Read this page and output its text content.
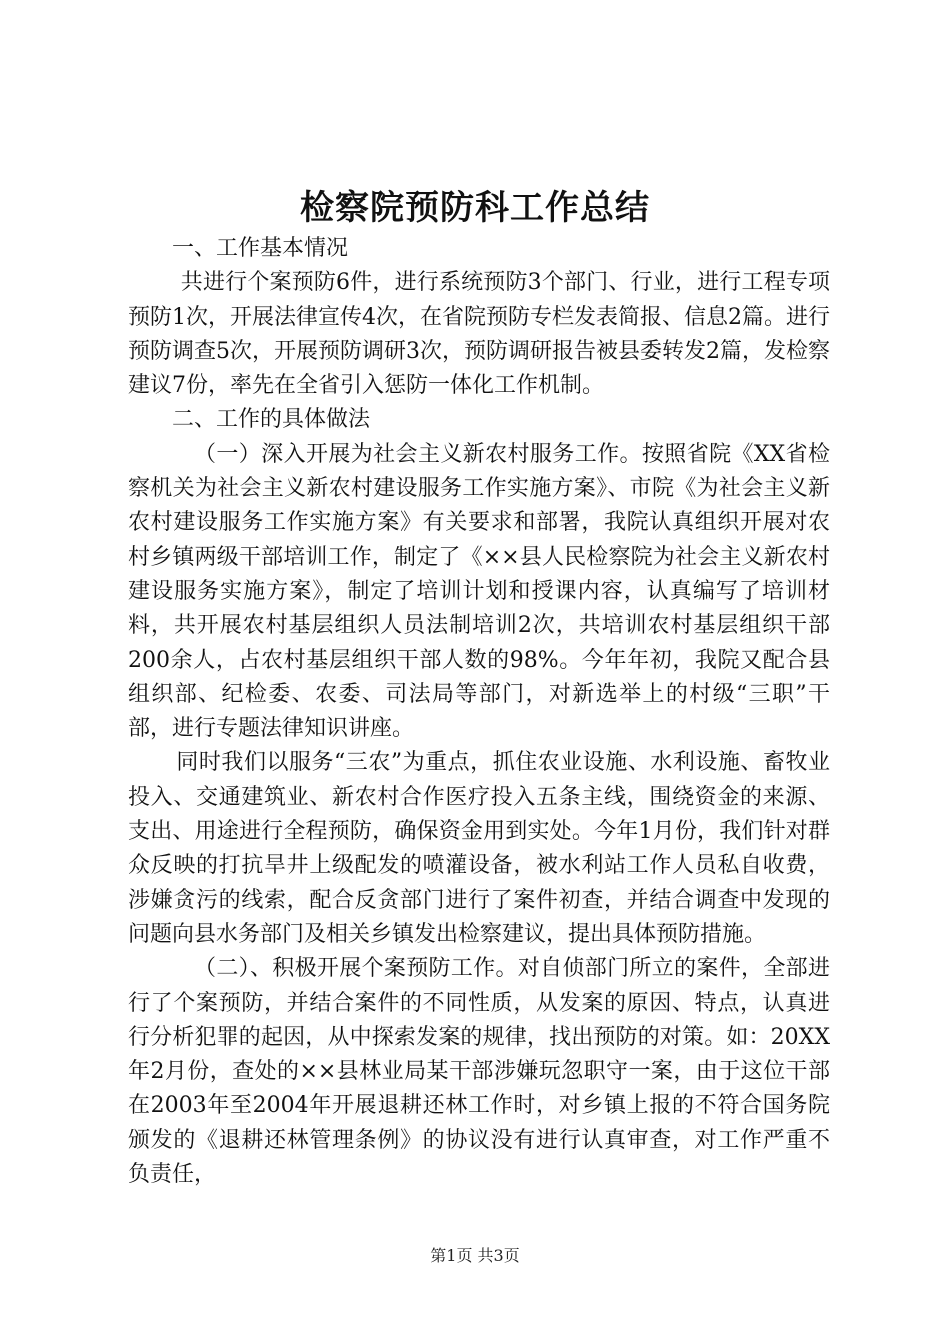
检察院预防科工作总结

一、工作基本情况

共进行个案预防6件，进行系统预防3个部门、行业，进行工程专项预防1次，开展法律宣传4次，在省院预防专栏发表简报、信息2篇。进行预防调查5次，开展预防调研3次，预防调研报告被县委转发2篇，发检察建议7份，率先在全省引入惩防一体化工作机制。

二、工作的具体做法

（一）深入开展为社会主义新农村服务工作。按照省院《XX省检察机关为社会主义新农村建设服务工作实施方案》、市院《为社会主义新农村建设服务工作实施方案》有关要求和部署，我院认真组织开展对农村乡镇两级干部培训工作，制定了《××县人民检察院为社会主义新农村建设服务实施方案》，制定了培训计划和授课内容，认真编写了培训材料，共开展农村基层组织人员法制培训2次，共培训农村基层组织干部200余人，占农村基层组织干部人数的98%。今年年初，我院又配合县组织部、纪检委、农委、司法局等部门，对新选举上的村级“三职”干部，进行专题法律知识讲座。

同时我们以服务“三农”为重点，抓住农业设施、水利设施、畜牧业投入、交通建筑业、新农村合作医疗投入五条主线，围绕资金的来源、支出、用途进行全程预防，确保资金用到实处。今年1月份，我们针对群众反映的打抗旱井上级配发的喷灌设备，被水利站工作人员私自收费，涉嫌贪污的线索，配合反贪部门进行了案件初查，并结合调查中发现的问题向县水务部门及相关乡镇发出检察建议，提出具体预防措施。

（二）、积极开展个案预防工作。对自侦部门所立的案件，全部进行了个案预防，并结合案件的不同性质，从发案的原因、特点，认真进行分析犯罪的起因，从中探索发案的规律，找出预防的对策。如：20XX年2月份，查处的××县林业局某干部涉嫌玩忽职守一案，由于这位干部在2003年至2004年开展退耕还林工作时，对乡镇上报的不符合国务院颁发的《退耕还林管理条例》的协议没有进行认真审查，对工作严重不负责任，

第1页 共3页
